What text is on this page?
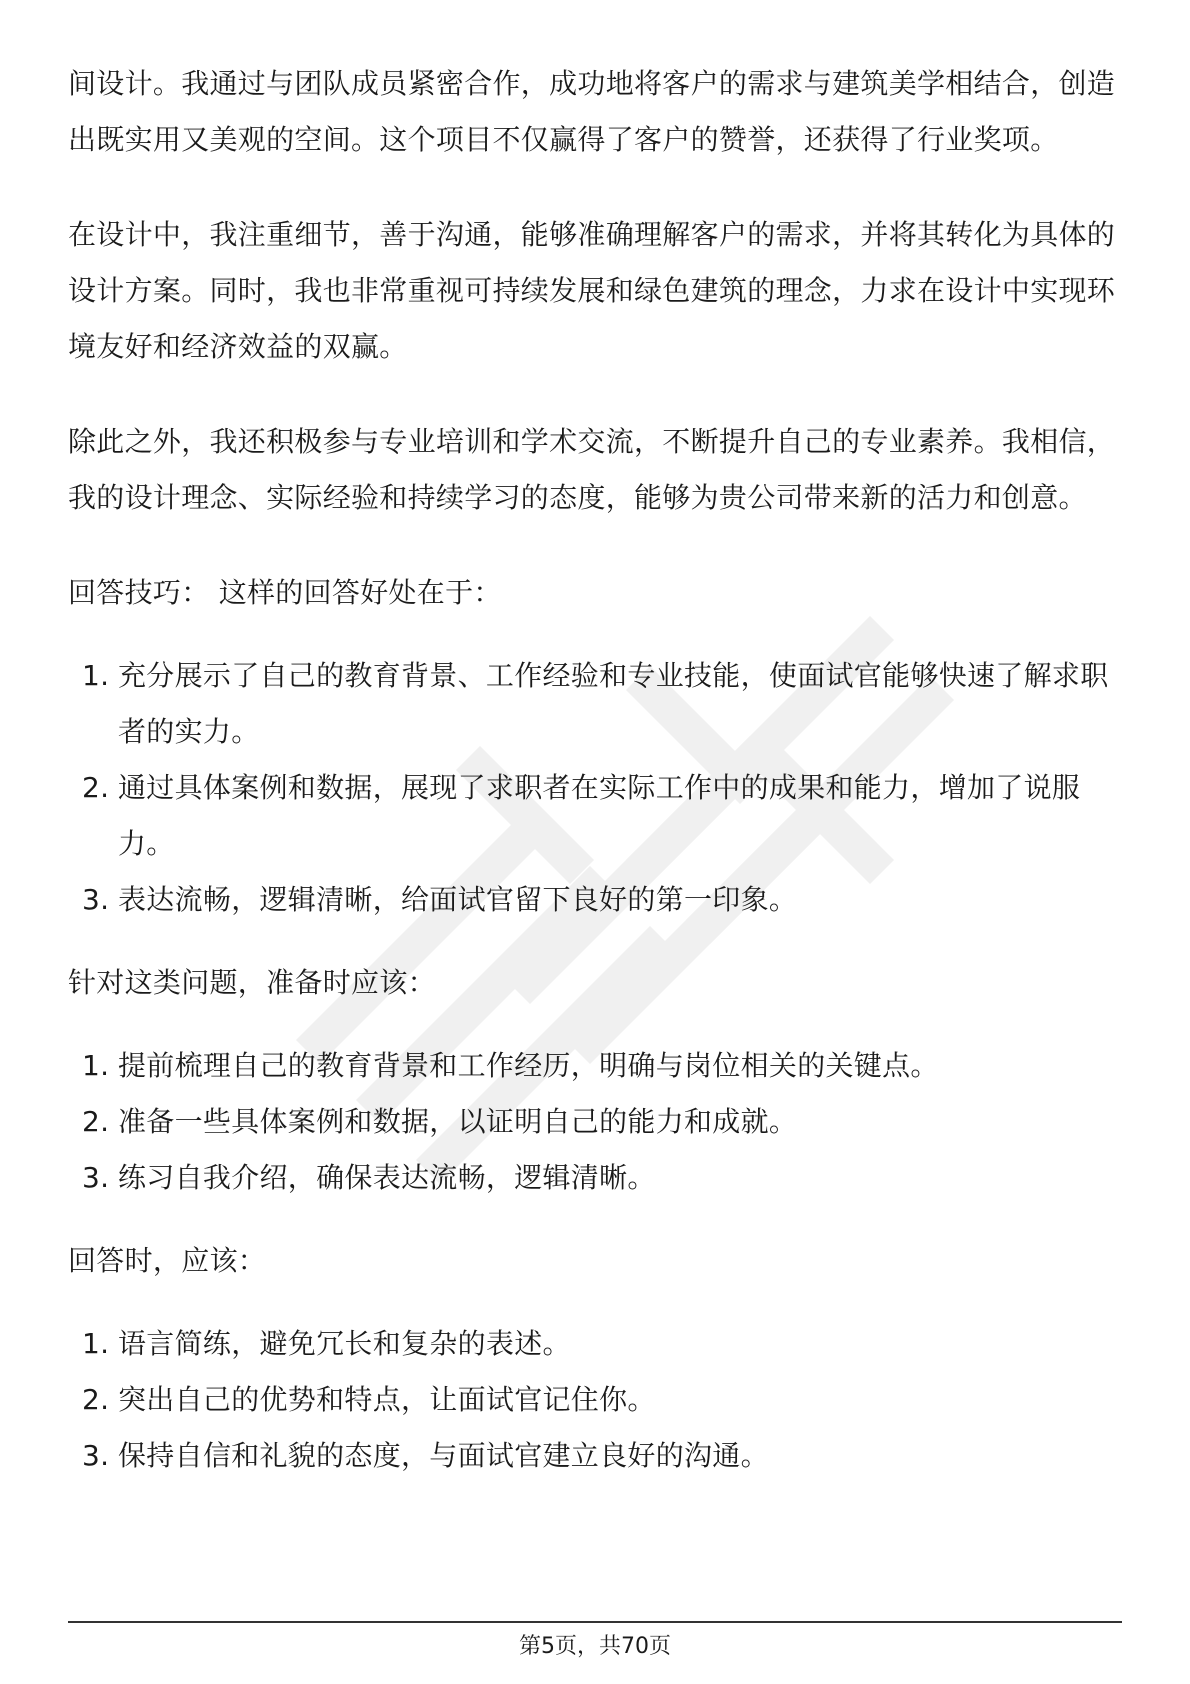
间设计。我通过与团队成员紧密合作，成功地将客户的需求与建筑美学相结合，创造出既实用又美观的空间。这个项目不仅赢得了客户的赞誉，还获得了行业奖项。

在设计中，我注重细节，善于沟通，能够准确理解客户的需求，并将其转化为具体的设计方案。同时，我也非常重视可持续发展和绿色建筑的理念，力求在设计中实现环境友好和经济效益的双赢。

除此之外，我还积极参与专业培训和学术交流，不断提升自己的专业素养。我相信，我的设计理念、实际经验和持续学习的态度，能够为贵公司带来新的活力和创意。

回答技巧： 这样的回答好处在于：

1. 充分展示了自己的教育背景、工作经验和专业技能，使面试官能够快速了解求职者的实力。
2. 通过具体案例和数据，展现了求职者在实际工作中的成果和能力，增加了说服力。
3. 表达流畅，逻辑清晰，给面试官留下良好的第一印象。

针对这类问题，准备时应该：

1. 提前梳理自己的教育背景和工作经历，明确与岗位相关的关键点。
2. 准备一些具体案例和数据，以证明自己的能力和成就。
3. 练习自我介绍，确保表达流畅，逻辑清晰。

回答时，应该：

1. 语言简练，避免冗长和复杂的表述。
2. 突出自己的优势和特点，让面试官记住你。
3. 保持自信和礼貌的态度，与面试官建立良好的沟通。
第5页，共70页
